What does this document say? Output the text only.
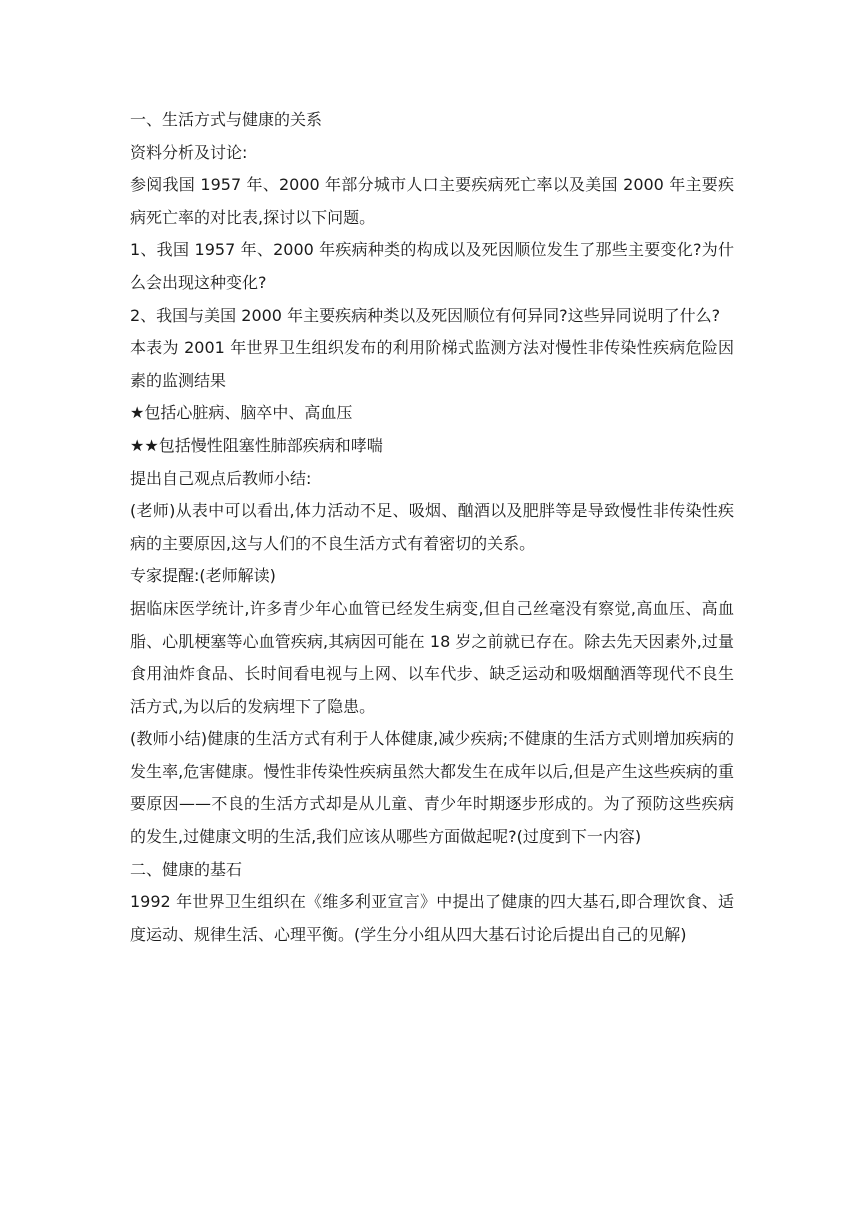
一、生活方式与健康的关系

资料分析及讨论:

参阅我国 1957 年、2000 年部分城市人口主要疾病死亡率以及美国 2000 年主要疾病死亡率的对比表,探讨以下问题。

1、我国 1957 年、2000 年疾病种类的构成以及死因顺位发生了那些主要变化?为什么会出现这种变化?

2、我国与美国 2000 年主要疾病种类以及死因顺位有何异同?这些异同说明了什么?

本表为 2001 年世界卫生组织发布的利用阶梯式监测方法对慢性非传染性疾病危险因素的监测结果

★包括心脏病、脑卒中、高血压

★★包括慢性阻塞性肺部疾病和哮喘

提出自己观点后教师小结:

(老师)从表中可以看出,体力活动不足、吸烟、酗酒以及肥胖等是导致慢性非传染性疾病的主要原因,这与人们的不良生活方式有着密切的关系。

专家提醒:(老师解读)

据临床医学统计,许多青少年心血管已经发生病变,但自己丝毫没有察觉,高血压、高血脂、心肌梗塞等心血管疾病,其病因可能在 18 岁之前就已存在。除去先天因素外,过量食用油炸食品、长时间看电视与上网、以车代步、缺乏运动和吸烟酗酒等现代不良生活方式,为以后的发病埋下了隐患。

(教师小结)健康的生活方式有利于人体健康,减少疾病;不健康的生活方式则增加疾病的发生率,危害健康。慢性非传染性疾病虽然大都发生在成年以后,但是产生这些疾病的重要原因——不良的生活方式却是从儿童、青少年时期逐步形成的。为了预防这些疾病的发生,过健康文明的生活,我们应该从哪些方面做起呢?(过度到下一内容)

二、健康的基石

1992 年世界卫生组织在《维多利亚宣言》中提出了健康的四大基石,即合理饮食、适度运动、规律生活、心理平衡。(学生分小组从四大基石讨论后提出自己的见解)
